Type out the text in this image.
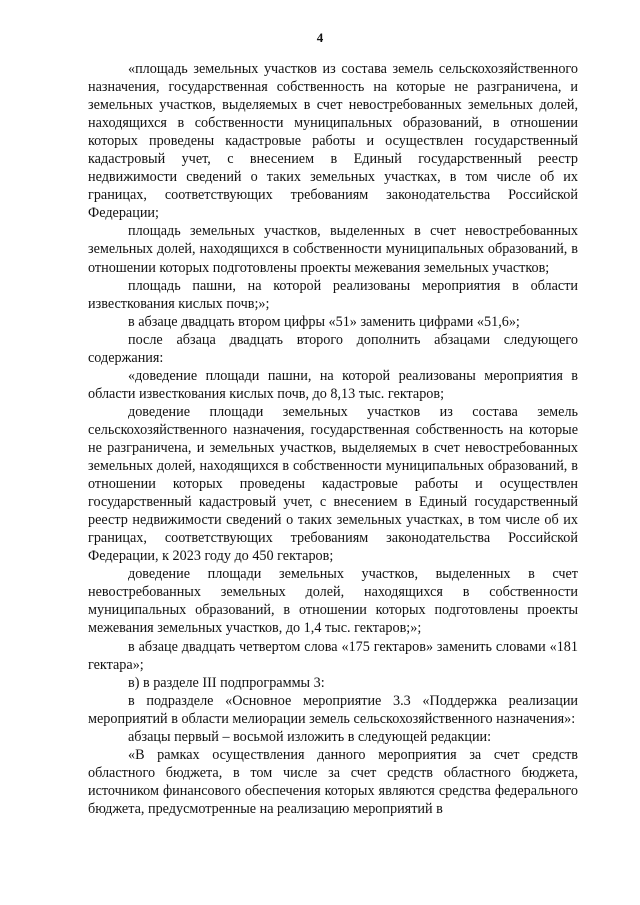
4

«площадь земельных участков из состава земель сельскохозяйственного назначения, государственная собственность на которые не разграничена, и земельных участков, выделяемых в счет невостребованных земельных долей, находящихся в собственности муниципальных образований, в отношении которых проведены кадастровые работы и осуществлен государственный кадастровый учет, с внесением в Единый государственный реестр недвижимости сведений о таких земельных участках, в том числе об их границах, соответствующих требованиям законодательства Российской Федерации;

площадь земельных участков, выделенных в счет невостребованных земельных долей, находящихся в собственности муниципальных образований, в отношении которых подготовлены проекты межевания земельных участков;

площадь пашни, на которой реализованы мероприятия в области известкования кислых почв;»;

в абзаце двадцать втором цифры «51» заменить цифрами «51,6»;

после абзаца двадцать второго дополнить абзацами следующего содержания:

«доведение площади пашни, на которой реализованы мероприятия в области известкования кислых почв, до 8,13 тыс. гектаров;

доведение площади земельных участков из состава земель сельскохозяйственного назначения, государственная собственность на которые не разграничена, и земельных участков, выделяемых в счет невостребованных земельных долей, находящихся в собственности муниципальных образований, в отношении которых проведены кадастровые работы и осуществлен государственный кадастровый учет, с внесением в Единый государственный реестр недвижимости сведений о таких земельных участках, в том числе об их границах, соответствующих требованиям законодательства Российской Федерации, к 2023 году до 450 гектаров;

доведение площади земельных участков, выделенных в счет невостребованных земельных долей, находящихся в собственности муниципальных образований, в отношении которых подготовлены проекты межевания земельных участков, до 1,4 тыс. гектаров;»;

в абзаце двадцать четвертом слова «175 гектаров» заменить словами «181 гектара»;

в) в разделе III подпрограммы 3:

в подразделе «Основное мероприятие 3.3 «Поддержка реализации мероприятий в области мелиорации земель сельскохозяйственного назначения»:

абзацы первый – восьмой изложить в следующей редакции:

«В рамках осуществления данного мероприятия за счет средств областного бюджета, в том числе за счет средств областного бюджета, источником финансового обеспечения которых являются средства федерального бюджета, предусмотренные на реализацию мероприятий в
